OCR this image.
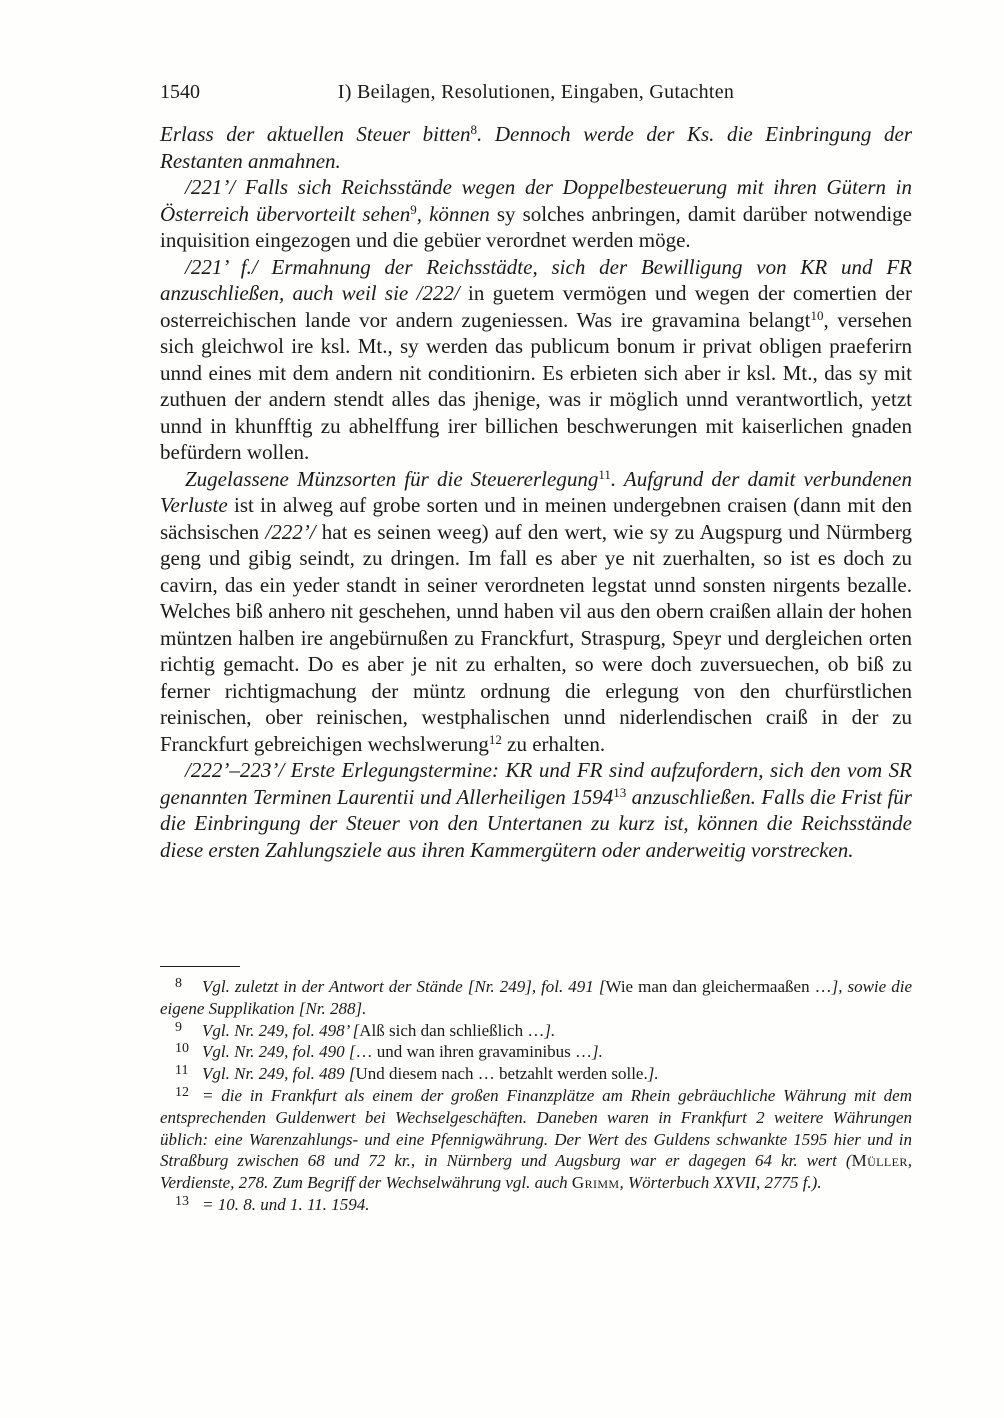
1540	I) Beilagen, Resolutionen, Eingaben, Gutachten

Erlass der aktuellen Steuer bitten$^8$. Dennoch werde der Ks. die Einbringung der Restanten anmahnen.

/221’/ Falls sich Reichsstände wegen der Doppelbesteuerung mit ihren Gütern in Österreich übervorteilt sehen$^9$, können sy solches anbringen, damit darüber notwendige inquisition eingezogen und die gebüer verordnet werden möge.

/221’ f./ Ermahnung der Reichsstädte, sich der Bewilligung von KR und FR anzuschließen, auch weil sie /222/ in guetem vermögen und wegen der comertien der osterreichischen lande vor andern zugeniessen. Was ire gravamina belangt$^{10}$, versehen sich gleichwol ire ksl. Mt., sy werden das publicum bonum ir privat obligen praeferirn unnd eines mit dem andern nit conditionirn. Es erbieten sich aber ir ksl. Mt., das sy mit zuthuen der andern stendt alles das jhenige, was ir möglich unnd verantwortlich, yetzt unnd in khunfftig zu abhelffung irer billichen beschwerungen mit kaiserlichen gnaden befürdern wollen.

Zugelassene Münzsorten für die Steuererlegung$^{11}$. Aufgrund der damit verbundenen Verluste ist in alweg auf grobe sorten und in meinen undergebnen craisen (dann mit den sächsischen /222’/ hat es seinen weeg) auf den wert, wie sy zu Augspurg und Nürmberg geng und gibig seindt, zu dringen. Im fall es aber ye nit zuerhalten, so ist es doch zu cavirn, das ein yeder standt in seiner verordneten legstat unnd sonsten nirgents bezalle. Welches biß anhero nit geschehen, unnd haben vil aus den obern craißen allain der hohen müntzen halben ire angebürnußen zu Franckfurt, Straspurg, Speyr und dergleichen orten richtig gemacht. Do es aber je nit zu erhalten, so were doch zuversuechen, ob biß zu ferner richtigmachung der müntz ordnung die erlegung von den churfürstlichen reinischen, ober reinischen, westphalischen unnd niderlendischen craiß in der zu Franckfurt gebreichigen wechslwerung$^{12}$ zu erhalten.

/222’–223’/ Erste Erlegungstermine: KR und FR sind aufzufordern, sich den vom SR genannten Terminen Laurentii und Allerheiligen 1594$^{13}$ anzuschließen. Falls die Frist für die Einbringung der Steuer von den Untertanen zu kurz ist, können die Reichsstände diese ersten Zahlungsziele aus ihren Kammergütern oder anderweitig vorstrecken.

$^8$ Vgl. zuletzt in der Antwort der Stände [Nr. 249], fol. 491 [Wie man dan gleichermaaßen …], sowie die eigene Supplikation [Nr. 288].

$^9$ Vgl. Nr. 249, fol. 498’ [Alß sich dan schließlich …].

$^{10}$ Vgl. Nr. 249, fol. 490 [… und wan ihren gravaminibus …].

$^{11}$ Vgl. Nr. 249, fol. 489 [Und diesem nach … betzahlt werden solle.].

$^{12}$ = die in Frankfurt als einem der großen Finanzplätze am Rhein gebräuchliche Währung mit dem entsprechenden Guldenwert bei Wechselgeschäften. Daneben waren in Frankfurt 2 weitere Währungen üblich: eine Warenzahlungs- und eine Pfennigwährung. Der Wert des Guldens schwankte 1595 hier und in Straßburg zwischen 68 und 72 kr., in Nürnberg und Augsburg war er dagegen 64 kr. wert (Müller, Verdienste, 278. Zum Begriff der Wechselwährung vgl. auch Grimm, Wörterbuch XXVII, 2775 f.).

$^{13}$ = 10. 8. und 1. 11. 1594.
